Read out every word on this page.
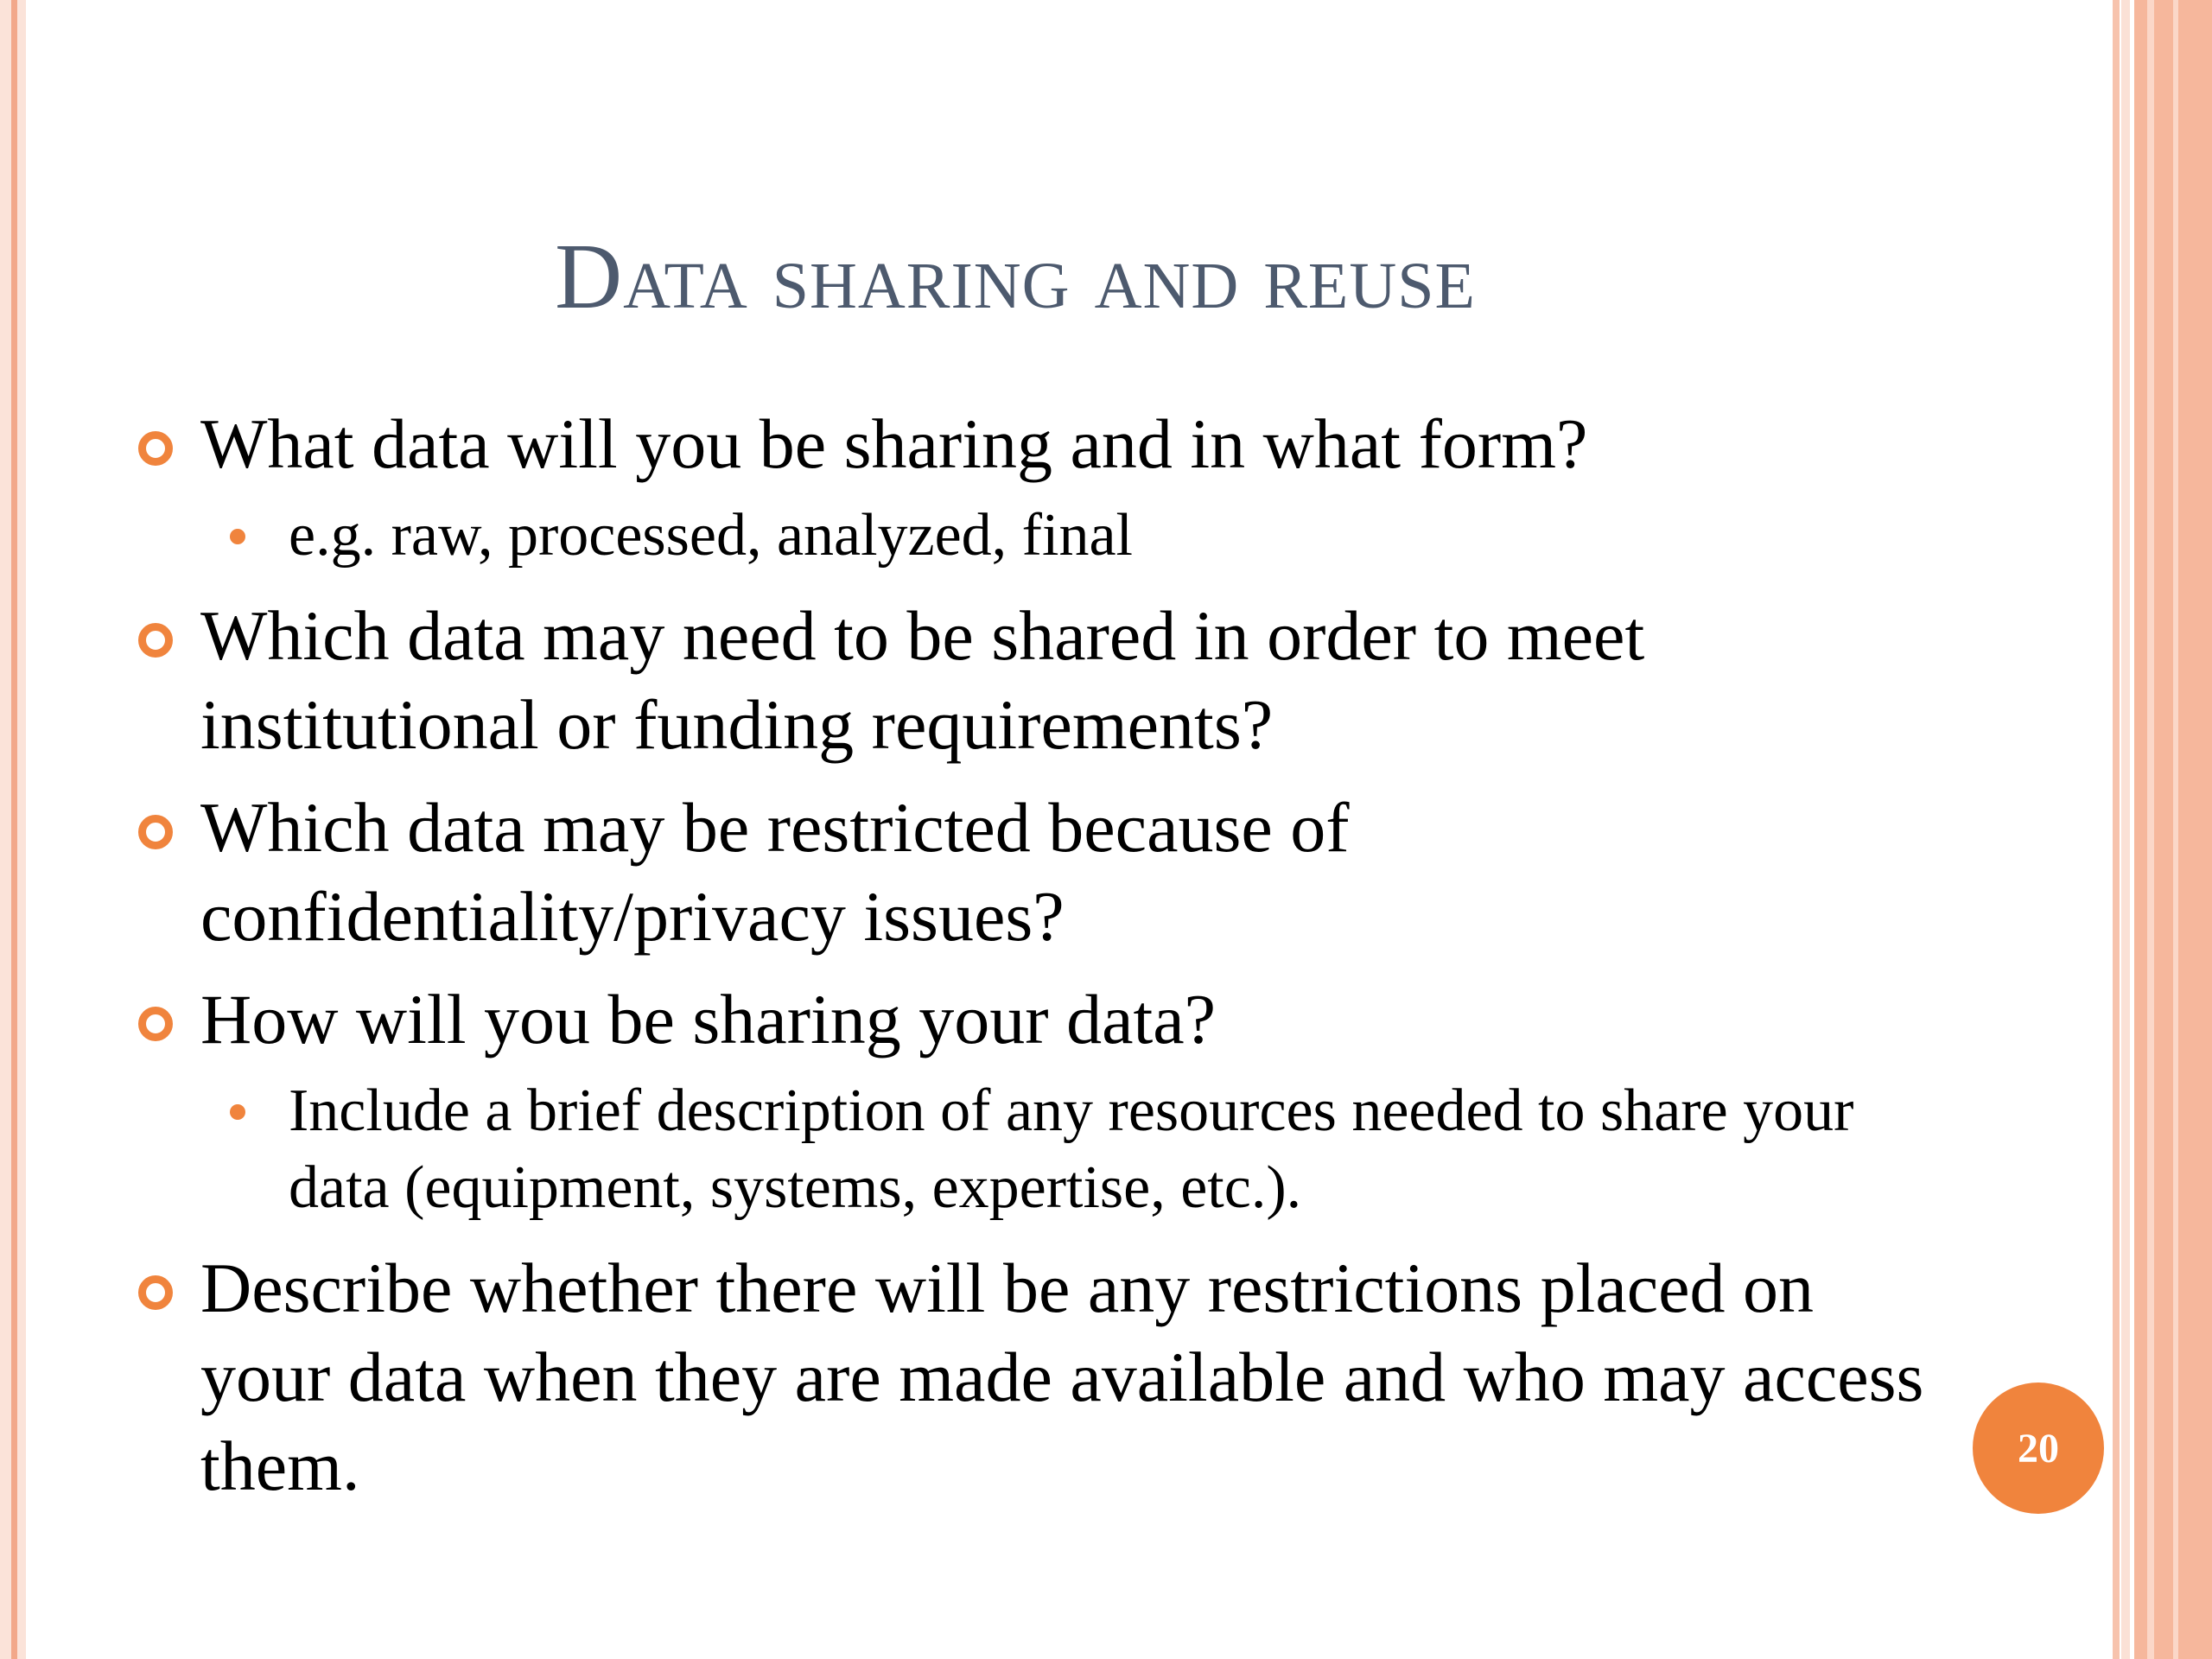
Data sharing and reuse
What data will you be sharing and in what form?
e.g. raw, processed, analyzed, final
Which data may need to be shared in order to meet institutional or funding requirements?
Which data may be restricted because of confidentiality/privacy issues?
How will you be sharing your data?
Include a brief description of any resources needed to share your data (equipment, systems, expertise, etc.).
Describe whether there will be any restrictions placed on your data when they are made available and who may access them.	20
